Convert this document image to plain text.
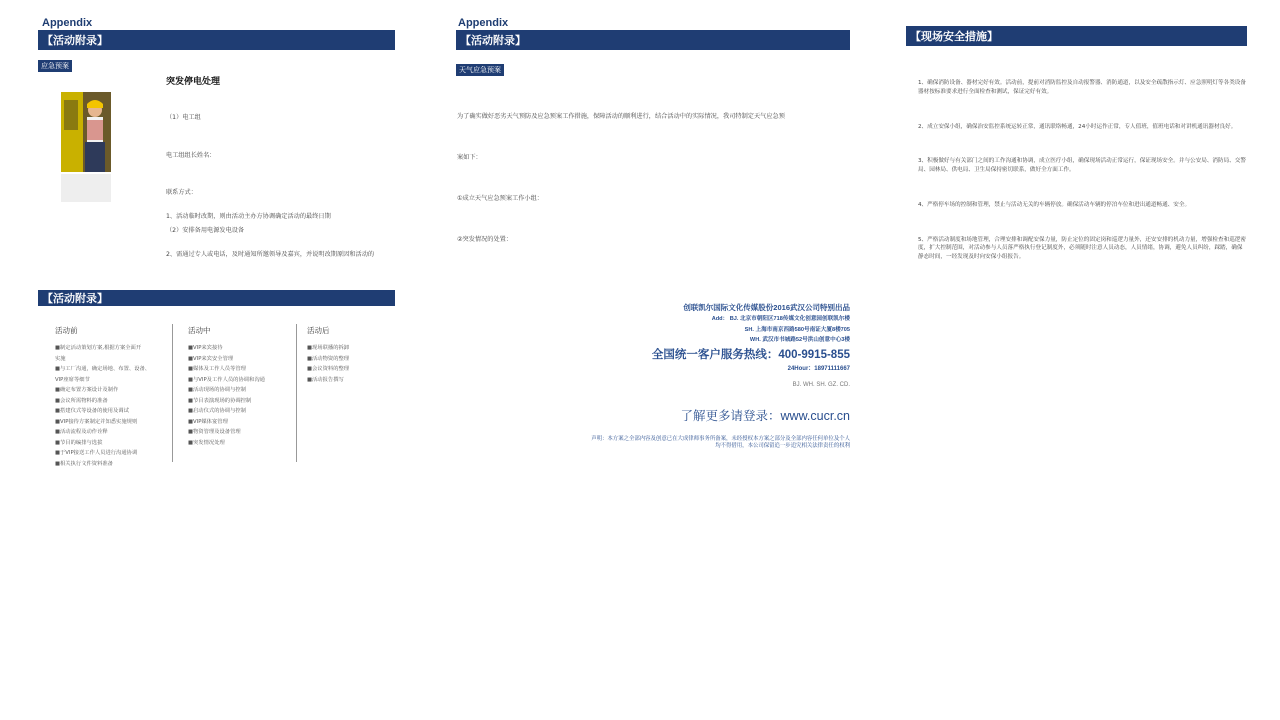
Appendix
【活动附录】
应急预案
突发停电处理

（1）电工组

电工组组长姓名：

联系方式：

（2）安排备用电源发电设备

1、活动临时改期，则由活动主办方协调确定活动的最终日期

2、需通过专人或电话，及时通知所邀领导及嘉宾，并说明改期原因和活动的

Appendix
【活动附录】
天气应急预案

为了确实做好恶劣天气预防及应急预案工作措施，保障活动的顺利进行，结合活动中的实际情况，我司特制定天气应急预

案如下：

①成立天气应急预案工作小组：

②突发情况的处置：

【现场安全措施】

1、确保消防设备、器材完好有效。活动前，提前对消防监控及自动报警器、消防通道，以及安全疏散指示灯、应急照明灯等各类设备器材按标准要求进行全面检查和测试，保证完好有效。

2、成立安保小组，确保治安监控系统运转正常，通讯联络畅通，24小时运作正常，专人值班，值班电话和对讲机通讯器材良好。

3、积极做好与有关部门之间的工作沟通和协调，成立医疗小组，确保现场活动正常运行，保证现场安全。并与公安局、消防局、交警局、园林局、供电局、卫生局保持密切联系，做好全方面工作。

4、严格停车场的控制和管理，禁止与活动无关的车辆停放。确保活动车辆的停泊车位和进出通道畅通、安全。

5、严格活动制度和场地管理，合理安排和调配安保力量，防止定位的固定岗和巡逻力量外，还安安排的机动力量，增强检查和巡逻密度，扩大控制范围，对活动参与人员落严格执行登记制度外，必须随时注意人员动态，人员情绪，协调，避免人员纠纷，踩踏，确保静态时间，一经发现及时向安保小组报告。

【活动附录】
活动前

■制定活动策划方案,根据方案全面开

实施

■与工厂沟通，确定场地、布置、设备、

VIP座席等细节

■确定布置方案设计及制作

■会议所需物料的准备

■搭建仪式等设备的使用及调试

■VIP接待方案制定并知悉实施规则

■活动流程及动作诠释

■节目的编排与选拔

■于VIP接送工作人员进行沟通协调

■相关执行文件资料准备

活动中

■VIP来宾接待

■VIP来宾安全管理

■媒体及工作人员等管理

■与VIP及工作人员的协调和沟通

■活动现场的协调与控制

■节目表演现场的协调控制

■启动仪式的协调与控制

■VIP媒体宴管理

■物资管理及设备管理

■突发情况处理

活动后

■现场联播的拆卸

■活动物资的整理

■会议资料的整理

■活动报告撰写

创联凯尔国际文化传媒股份2016武汉公司特别出品
Add： BJ. 北京市朝阳区718传媒文化创意园创联凯尔楼
SH. 上海市南京西路580号南证大厦8楼705
WH. 武汉市书城路52号洪山创意中心3楼
全国统一客户服务热线：400-9915-855
24Hour：18971111667
BJ. WH. SH. GZ. CD.
了解更多请登录：www.cucr.cn
声明：本方案之全部内容及创意已在大成律师事务所备案，未经授权本方案之部分及全部内容任何单位及个人
均不得借用，本公司保留追一步追究相关法律责任的权利
